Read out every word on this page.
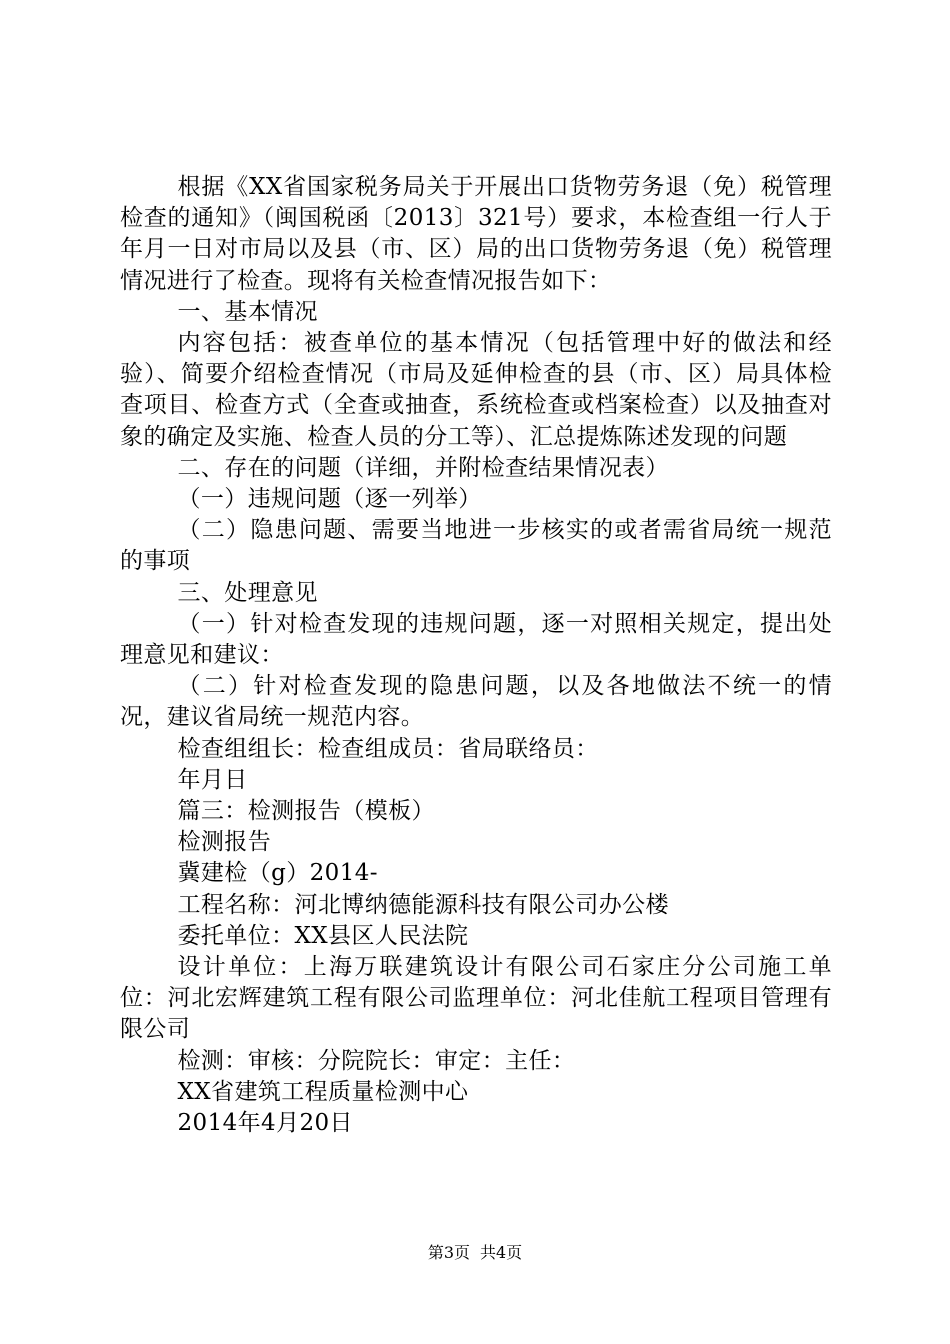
根据《XX省国家税务局关于开展出口货物劳务退（免）税管理检查的通知》（闽国税函〔2013〕321号）要求，本检查组一行人于年月一日对市局以及县（市、区）局的出口货物劳务退（免）税管理情况进行了检查。现将有关检查情况报告如下：

一、基本情况

内容包括：被查单位的基本情况（包括管理中好的做法和经验）、简要介绍检查情况（市局及延伸检查的县（市、区）局具体检查项目、检查方式（全查或抽查，系统检查或档案检查）以及抽查对象的确定及实施、检查人员的分工等）、汇总提炼陈述发现的问题

二、存在的问题（详细，并附检查结果情况表）

（一）违规问题（逐一列举）

（二）隐患问题、需要当地进一步核实的或者需省局统一规范的事项

三、处理意见

（一）针对检查发现的违规问题，逐一对照相关规定，提出处理意见和建议：

（二）针对检查发现的隐患问题，以及各地做法不统一的情况，建议省局统一规范内容。

检查组组长：检查组成员：省局联络员：

年月日

篇三：检测报告（模板）

检测报告

冀建检（g）2014-

工程名称：河北博纳德能源科技有限公司办公楼

委托单位：XX县区人民法院

设计单位：上海万联建筑设计有限公司石家庄分公司施工单位：河北宏辉建筑工程有限公司监理单位：河北佳航工程项目管理有限公司

检测：审核：分院院长：审定：主任：

XX省建筑工程质量检测中心

2014年4月20日

第3页 共4页
